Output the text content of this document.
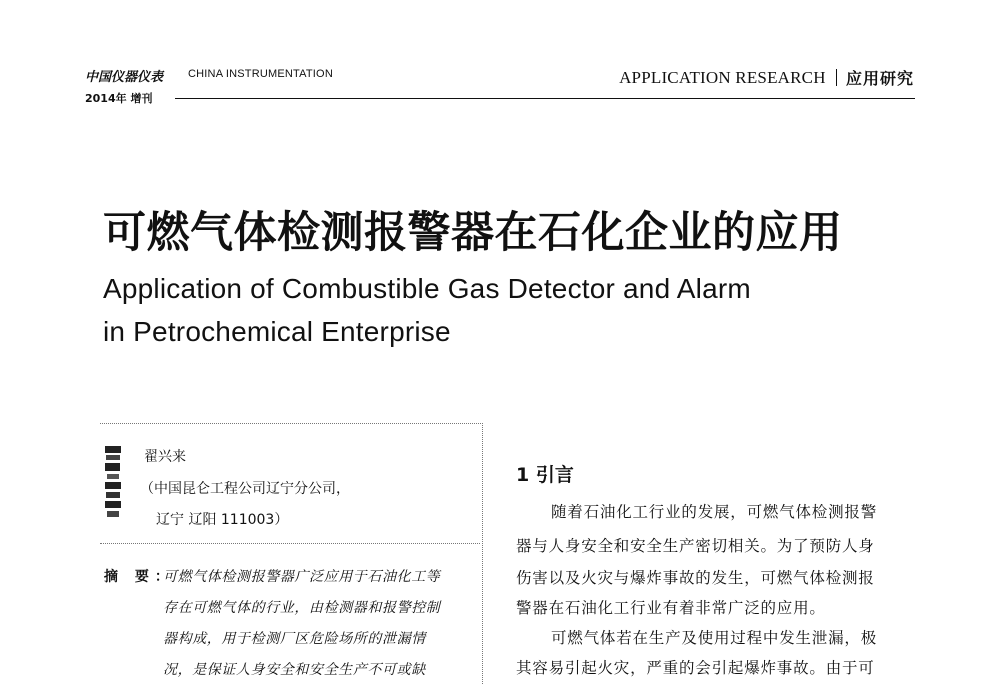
中国仪器仪表 CHINA INSTRUMENTATION
2014年 增刊
APPLICATION RESEARCH 应用研究
可燃气体检测报警器在石化企业的应用
Application of Combustible Gas Detector and Alarm
in Petrochemical Enterprise
翟兴来
（中国昆仑工程公司辽宁分公司，
辽宁 辽阳 111003）
摘 要：
可燃气体检测报警器广泛应用于石油化工等
存在可燃气体的行业，由检测器和报警控制
器构成，用于检测厂区危险场所的泄漏情
况，是保证人身安全和安全生产不可或缺
1 引言
随着石油化工行业的发展，可燃气体检测报警
器与人身安全和安全生产密切相关。为了预防人身
伤害以及火灾与爆炸事故的发生，可燃气体检测报
警器在石油化工行业有着非常广泛的应用。
可燃气体若在生产及使用过程中发生泄漏，极
其容易引起火灾，严重的会引起爆炸事故。由于可
